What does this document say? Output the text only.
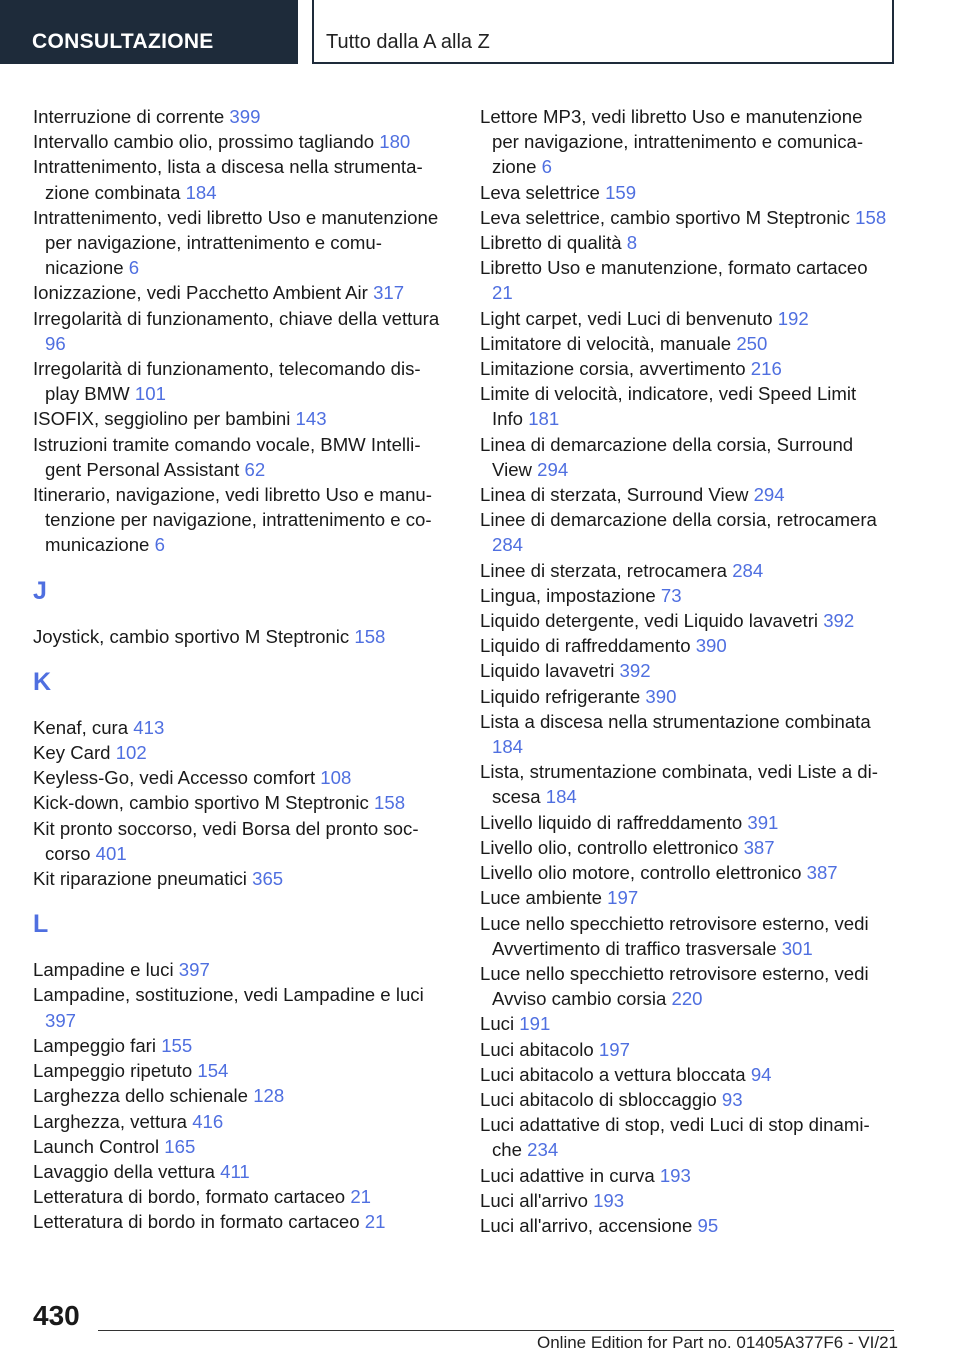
CONSULTAZIONE	Tutto dalla A alla Z

Interruzione di corrente 399

Intervallo cambio olio, prossimo tagliando 180

Intrattenimento, lista a discesa nella strumentazione combinata 184

Intrattenimento, vedi libretto Uso e manutenzione per navigazione, intrattenimento e comunicazione 6

Ionizzazione, vedi Pacchetto Ambient Air 317

Irregolarità di funzionamento, chiave della vettura 96

Irregolarità di funzionamento, telecomando display BMW 101

ISOFIX, seggiolino per bambini 143

Istruzioni tramite comando vocale, BMW Intelligent Personal Assistant 62

Itinerario, navigazione, vedi libretto Uso e manutenzione per navigazione, intrattenimento e comunicazione 6

J

Joystick, cambio sportivo M Steptronic 158

K

Kenaf, cura 413

Key Card 102

Keyless-Go, vedi Accesso comfort 108

Kick-down, cambio sportivo M Steptronic 158

Kit pronto soccorso, vedi Borsa del pronto soccorso 401

Kit riparazione pneumatici 365

L

Lampadine e luci 397

Lampadine, sostituzione, vedi Lampadine e luci 397

Lampeggio fari 155

Lampeggio ripetuto 154

Larghezza dello schienale 128

Larghezza, vettura 416

Launch Control 165

Lavaggio della vettura 411

Letteratura di bordo, formato cartaceo 21

Letteratura di bordo in formato cartaceo 21

Lettore MP3, vedi libretto Uso e manutenzione per navigazione, intrattenimento e comunicazione 6

Leva selettrice 159

Leva selettrice, cambio sportivo M Steptronic 158

Libretto di qualità 8

Libretto Uso e manutenzione, formato cartaceo 21

Light carpet, vedi Luci di benvenuto 192

Limitatore di velocità, manuale 250

Limitazione corsia, avvertimento 216

Limite di velocità, indicatore, vedi Speed Limit Info 181

Linea di demarcazione della corsia, Surround View 294

Linea di sterzata, Surround View 294

Linee di demarcazione della corsia, retrocamera 284

Linee di sterzata, retrocamera 284

Lingua, impostazione 73

Liquido detergente, vedi Liquido lavavetri 392

Liquido di raffreddamento 390

Liquido lavavetri 392

Liquido refrigerante 390

Lista a discesa nella strumentazione combinata 184

Lista, strumentazione combinata, vedi Liste a discesa 184

Livello liquido di raffreddamento 391

Livello olio, controllo elettronico 387

Livello olio motore, controllo elettronico 387

Luce ambiente 197

Luce nello specchietto retrovisore esterno, vedi Avvertimento di traffico trasversale 301

Luce nello specchietto retrovisore esterno, vedi Avviso cambio corsia 220

Luci 191

Luci abitacolo 197

Luci abitacolo a vettura bloccata 94

Luci abitacolo di sbloccaggio 93

Luci adattative di stop, vedi Luci di stop dinamiche 234

Luci adattive in curva 193

Luci all'arrivo 193

Luci all'arrivo, accensione 95

430
Online Edition for Part no. 01405A377F6 - VI/21
